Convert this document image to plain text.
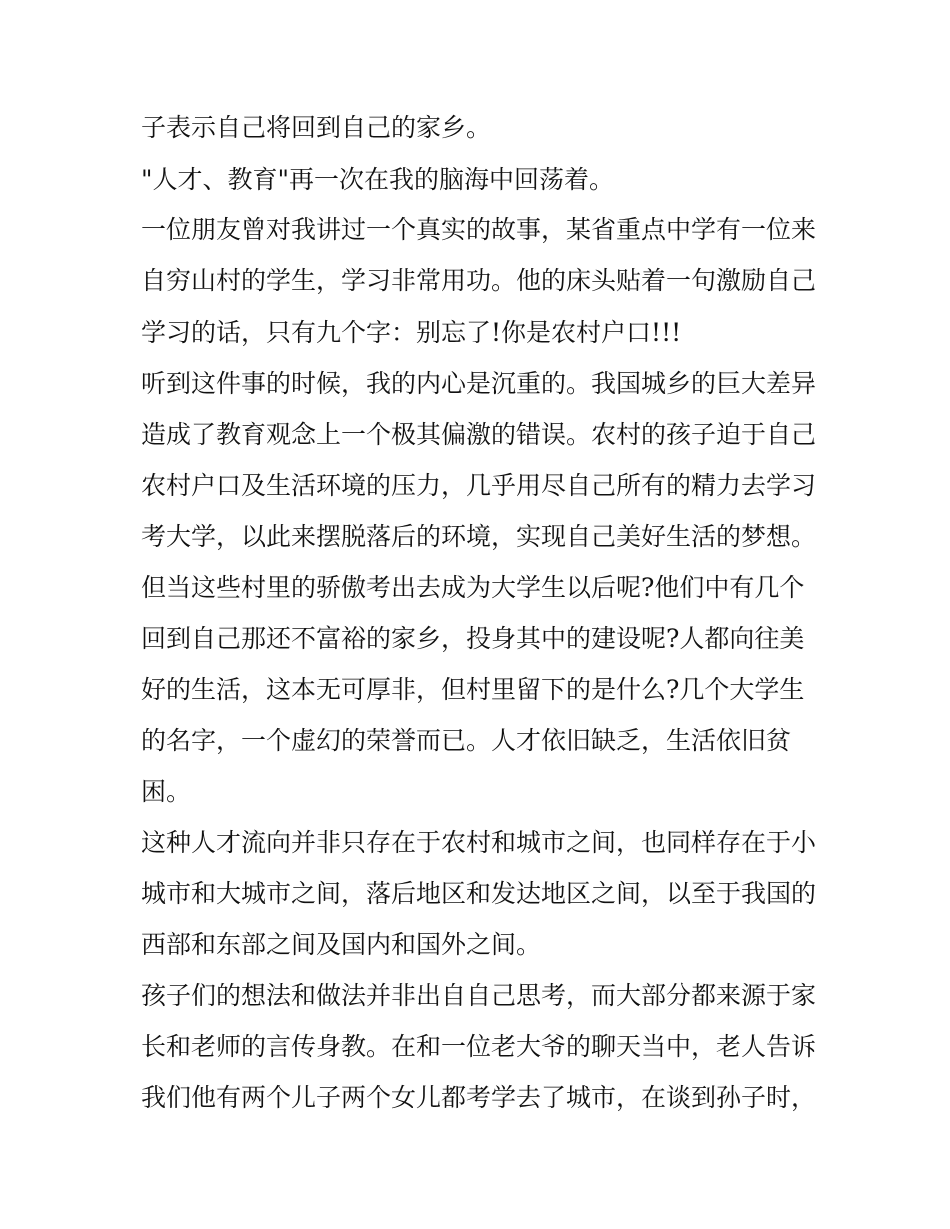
子表示自己将回到自己的家乡。
"人才、教育"再一次在我的脑海中回荡着。
一位朋友曾对我讲过一个真实的故事，某省重点中学有一位来
自穷山村的学生，学习非常用功。他的床头贴着一句激励自己
学习的话，只有九个字：别忘了!你是农村户口!!!
听到这件事的时候，我的内心是沉重的。我国城乡的巨大差异
造成了教育观念上一个极其偏激的错误。农村的孩子迫于自己
农村户口及生活环境的压力，几乎用尽自己所有的精力去学习
考大学，以此来摆脱落后的环境，实现自己美好生活的梦想。
但当这些村里的骄傲考出去成为大学生以后呢?他们中有几个
回到自己那还不富裕的家乡，投身其中的建设呢?人都向往美
好的生活，这本无可厚非，但村里留下的是什么?几个大学生
的名字，一个虚幻的荣誉而已。人才依旧缺乏，生活依旧贫
困。
这种人才流向并非只存在于农村和城市之间，也同样存在于小
城市和大城市之间，落后地区和发达地区之间，以至于我国的
西部和东部之间及国内和国外之间。
孩子们的想法和做法并非出自自己思考，而大部分都来源于家
长和老师的言传身教。在和一位老大爷的聊天当中，老人告诉
我们他有两个儿子两个女儿都考学去了城市，在谈到孙子时，
